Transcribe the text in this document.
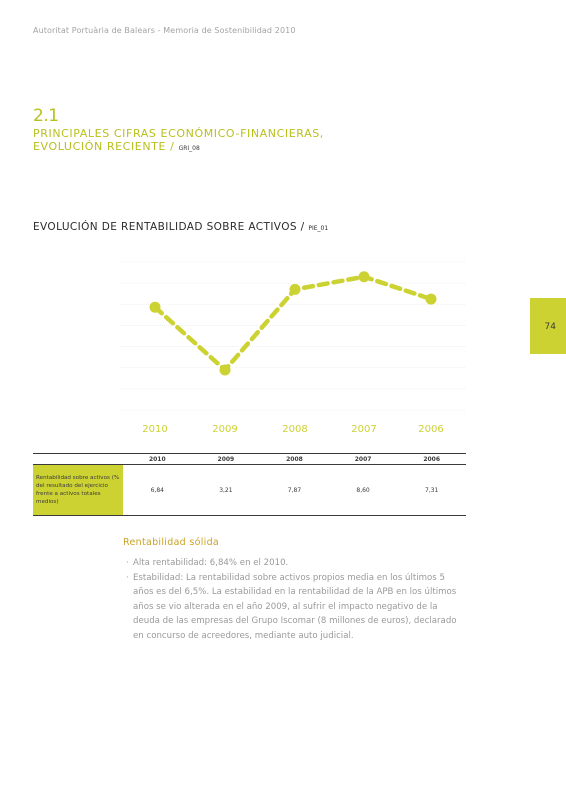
Autoritat Portuària de Balears - Memoria de Sostenibilidad 2010
2.1
PRINCIPALES CIFRAS ECONÓMICO-FINANCIERAS,
EVOLUCIÓN RECIENTE / GRI_08
EVOLUCIÓN DE RENTABILIDAD SOBRE ACTIVOS / PIE_01
2010	2009	2008	2007	2006
	2010	2009	2008	2007	2006
Rentabilidad sobre activos (% del resultado del ejercicio frente a activos totales medios)	6,84	3,21	7,87	8,60	7,31
74
Rentabilidad sólida
· Alta rentabilidad: 6,84% en el 2010.
· Estabilidad: La rentabilidad sobre activos propios media en los últimos 5 años es del 6,5%. La estabilidad en la rentabilidad de la APB en los últimos años se vio alterada en el año 2009, al sufrir el impacto negativo de la deuda de las empresas del Grupo Iscomar (8 millones de euros), declarado en concurso de acreedores, mediante auto judicial.
